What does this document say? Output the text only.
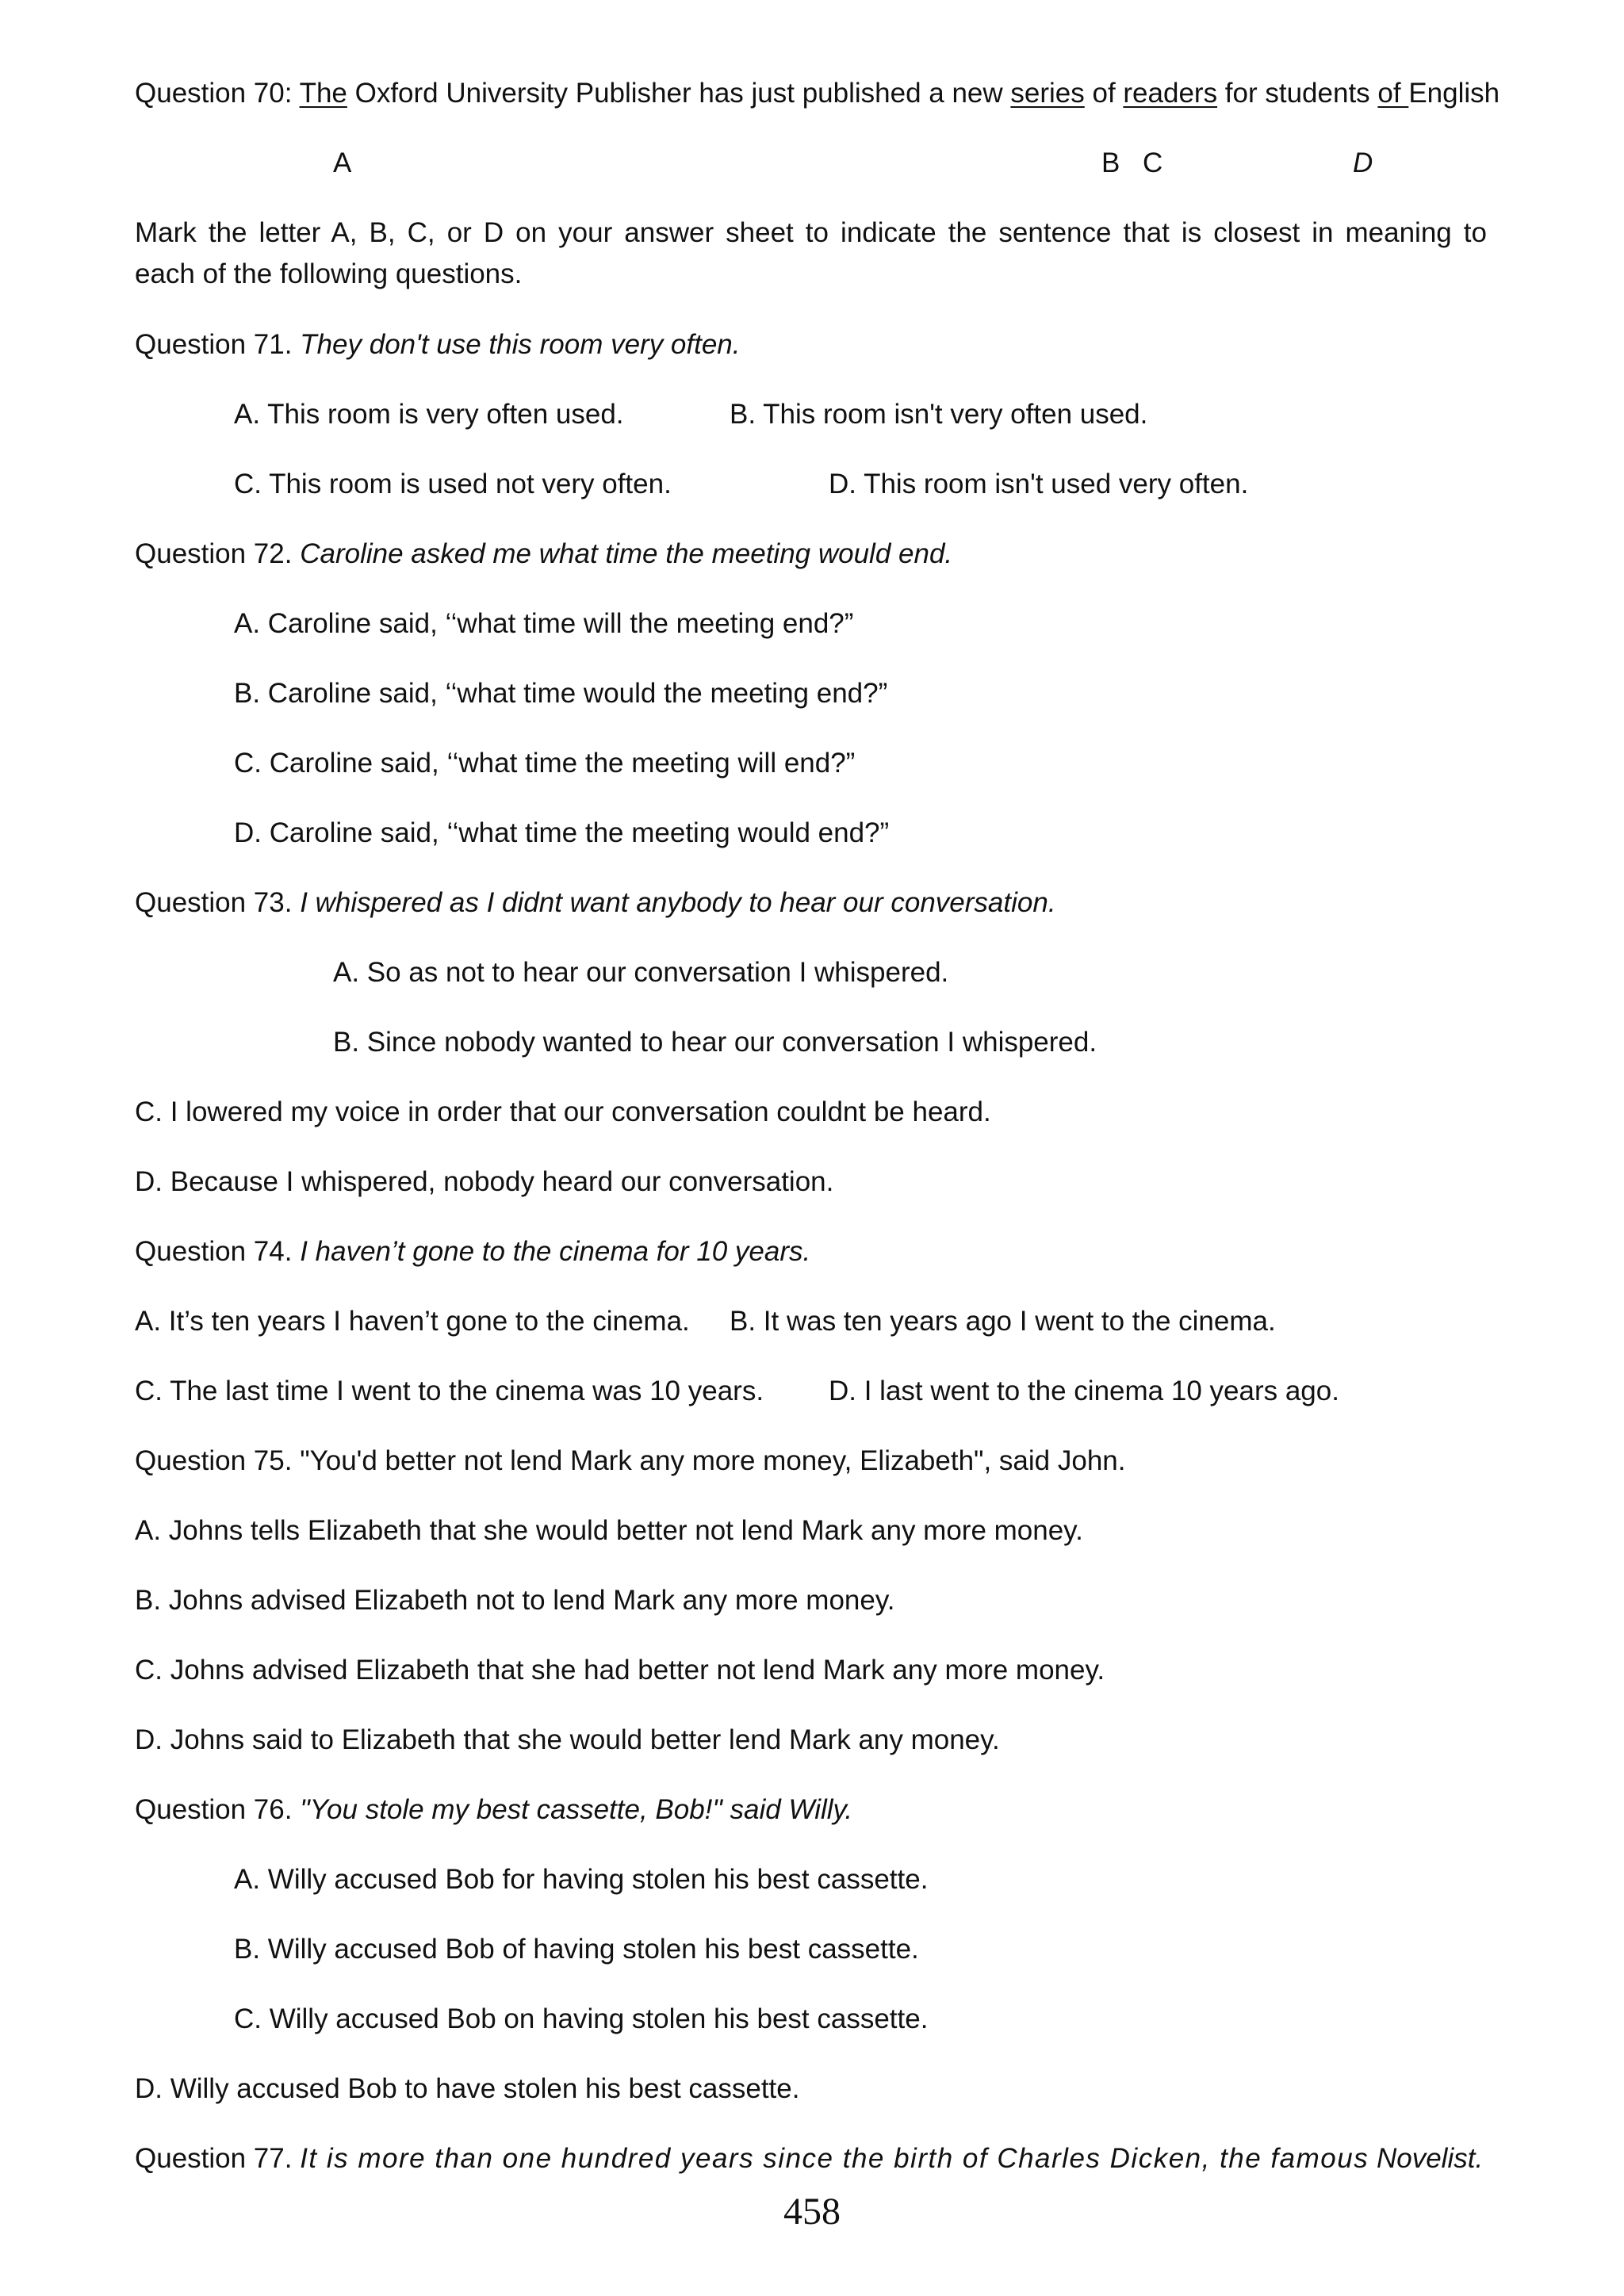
Question 70: The Oxford University Publisher has just published a new series of readers for students of English
A	B C	D
Mark the letter A, B, C, or D on your answer sheet to indicate the sentence that is closest in meaning to
each of the following questions.
Question 71. They don't use this room very often.
A. This room is very often used.	B. This room isn't very often used.
C. This room is used not very often.	D. This room isn't used very often.
Question 72. Caroline asked me what time the meeting would end.
A. Caroline said, ‘‘what time will the meeting end?”
B. Caroline said, ‘‘what time would the meeting end?”
C. Caroline said, ‘‘what time the meeting will end?”
D. Caroline said, ‘‘what time the meeting would end?”
Question 73. I whispered as I didnt want anybody to hear our conversation.
A. So as not to hear our conversation I whispered.
B. Since nobody wanted to hear our conversation I whispered.
C. I lowered my voice in order that our conversation couldnt be heard.
D. Because I whispered, nobody heard our conversation.
Question 74. I haven’t gone to the cinema for 10 years.
A. It’s ten years I haven’t gone to the cinema. B. It was ten years ago I went to the cinema.
C. The last time I went to the cinema was 10 years. D. I last went to the cinema 10 years ago.
Question 75. "You'd better not lend Mark any more money, Elizabeth", said John.
A. Johns tells Elizabeth that she would better not lend Mark any more money.
B. Johns advised Elizabeth not to lend Mark any more money.
C. Johns advised Elizabeth that she had better not lend Mark any more money.
D. Johns said to Elizabeth that she would better lend Mark any money.
Question 76. "You stole my best cassette, Bob!" said Willy.
A. Willy accused Bob for having stolen his best cassette.
B. Willy accused Bob of having stolen his best cassette.
C. Willy accused Bob on having stolen his best cassette.
D. Willy accused Bob to have stolen his best cassette.
Question 77. It is more than one hundred years since the birth of Charles Dicken, the famous Novelist.
458
